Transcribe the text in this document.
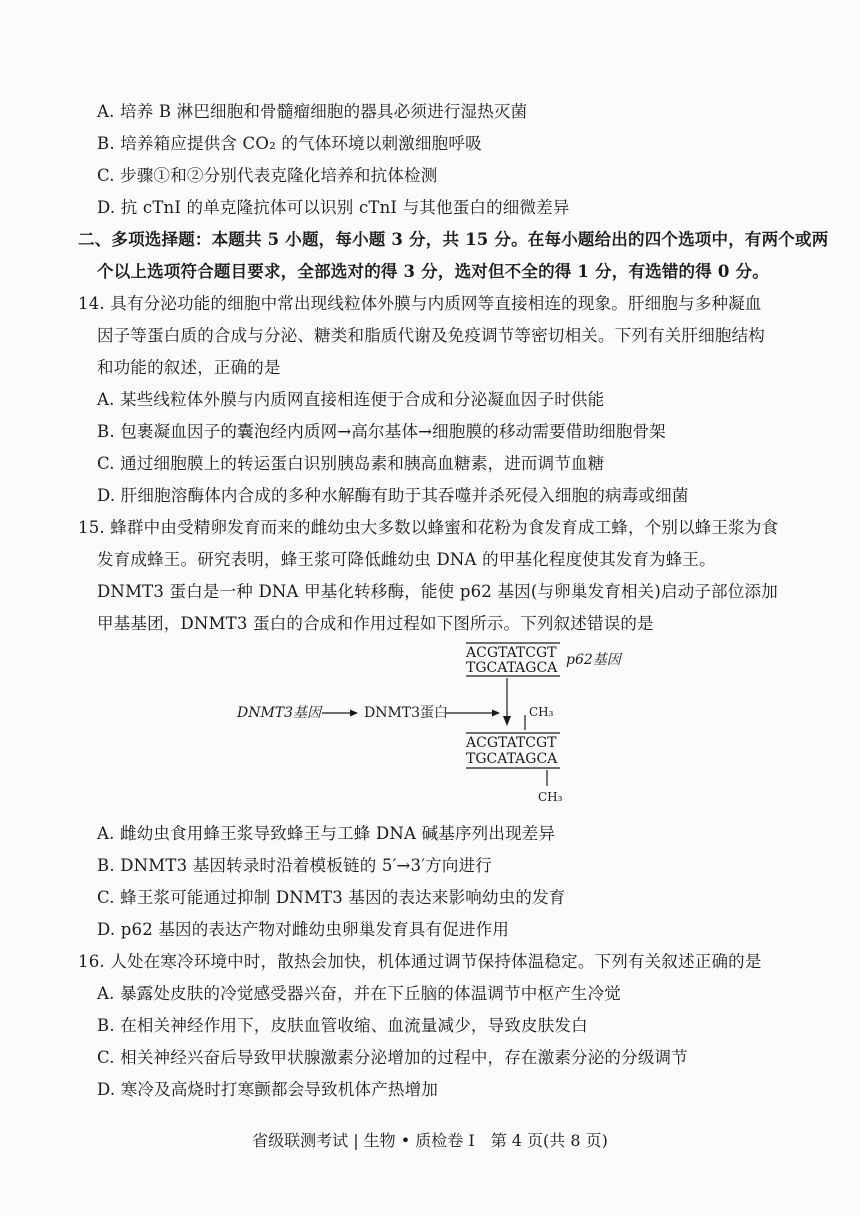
A. 培养 B 淋巴细胞和骨髓瘤细胞的器具必须进行湿热灭菌
B. 培养箱应提供含 CO₂ 的气体环境以刺激细胞呼吸
C. 步骤①和②分别代表克隆化培养和抗体检测
D. 抗 cTnI 的单克隆抗体可以识别 cTnI 与其他蛋白的细微差异
二、多项选择题：本题共 5 小题，每小题 3 分，共 15 分。在每小题给出的四个选项中，有两个或两
个以上选项符合题目要求，全部选对的得 3 分，选对但不全的得 1 分，有选错的得 0 分。
14. 具有分泌功能的细胞中常出现线粒体外膜与内质网等直接相连的现象。肝细胞与多种凝血
因子等蛋白质的合成与分泌、糖类和脂质代谢及免疫调节等密切相关。下列有关肝细胞结构
和功能的叙述，正确的是
A. 某些线粒体外膜与内质网直接相连便于合成和分泌凝血因子时供能
B. 包裹凝血因子的囊泡经内质网→高尔基体→细胞膜的移动需要借助细胞骨架
C. 通过细胞膜上的转运蛋白识别胰岛素和胰高血糖素，进而调节血糖
D. 肝细胞溶酶体内合成的多种水解酶有助于其吞噬并杀死侵入细胞的病毒或细菌
15. 蜂群中由受精卵发育而来的雌幼虫大多数以蜂蜜和花粉为食发育成工蜂，个别以蜂王浆为食
发育成蜂王。研究表明，蜂王浆可降低雌幼虫 DNA 的甲基化程度使其发育为蜂王。
DNMT3 蛋白是一种 DNA 甲基化转移酶，能使 p62 基因(与卵巢发育相关)启动子部位添加
甲基基团，DNMT3 蛋白的合成和作用过程如下图所示。下列叙述错误的是
ACGTATCGT
TGCATAGCA p62基因
DNMT3基因	DNMT3蛋白	CH₃
ACGTATCGT
TGCATAGCA
CH₃
A. 雌幼虫食用蜂王浆导致蜂王与工蜂 DNA 碱基序列出现差异
B. DNMT3 基因转录时沿着模板链的 5′→3′方向进行
C. 蜂王浆可能通过抑制 DNMT3 基因的表达来影响幼虫的发育
D. p62 基因的表达产物对雌幼虫卵巢发育具有促进作用
16. 人处在寒冷环境中时，散热会加快，机体通过调节保持体温稳定。下列有关叙述正确的是
A. 暴露处皮肤的冷觉感受器兴奋，并在下丘脑的体温调节中枢产生冷觉
B. 在相关神经作用下，皮肤血管收缩、血流量减少，导致皮肤发白
C. 相关神经兴奋后导致甲状腺激素分泌增加的过程中，存在激素分泌的分级调节
D. 寒冷及高烧时打寒颤都会导致机体产热增加
省级联测考试 | 生物 • 质检卷 Ⅰ　第 4 页(共 8 页)
